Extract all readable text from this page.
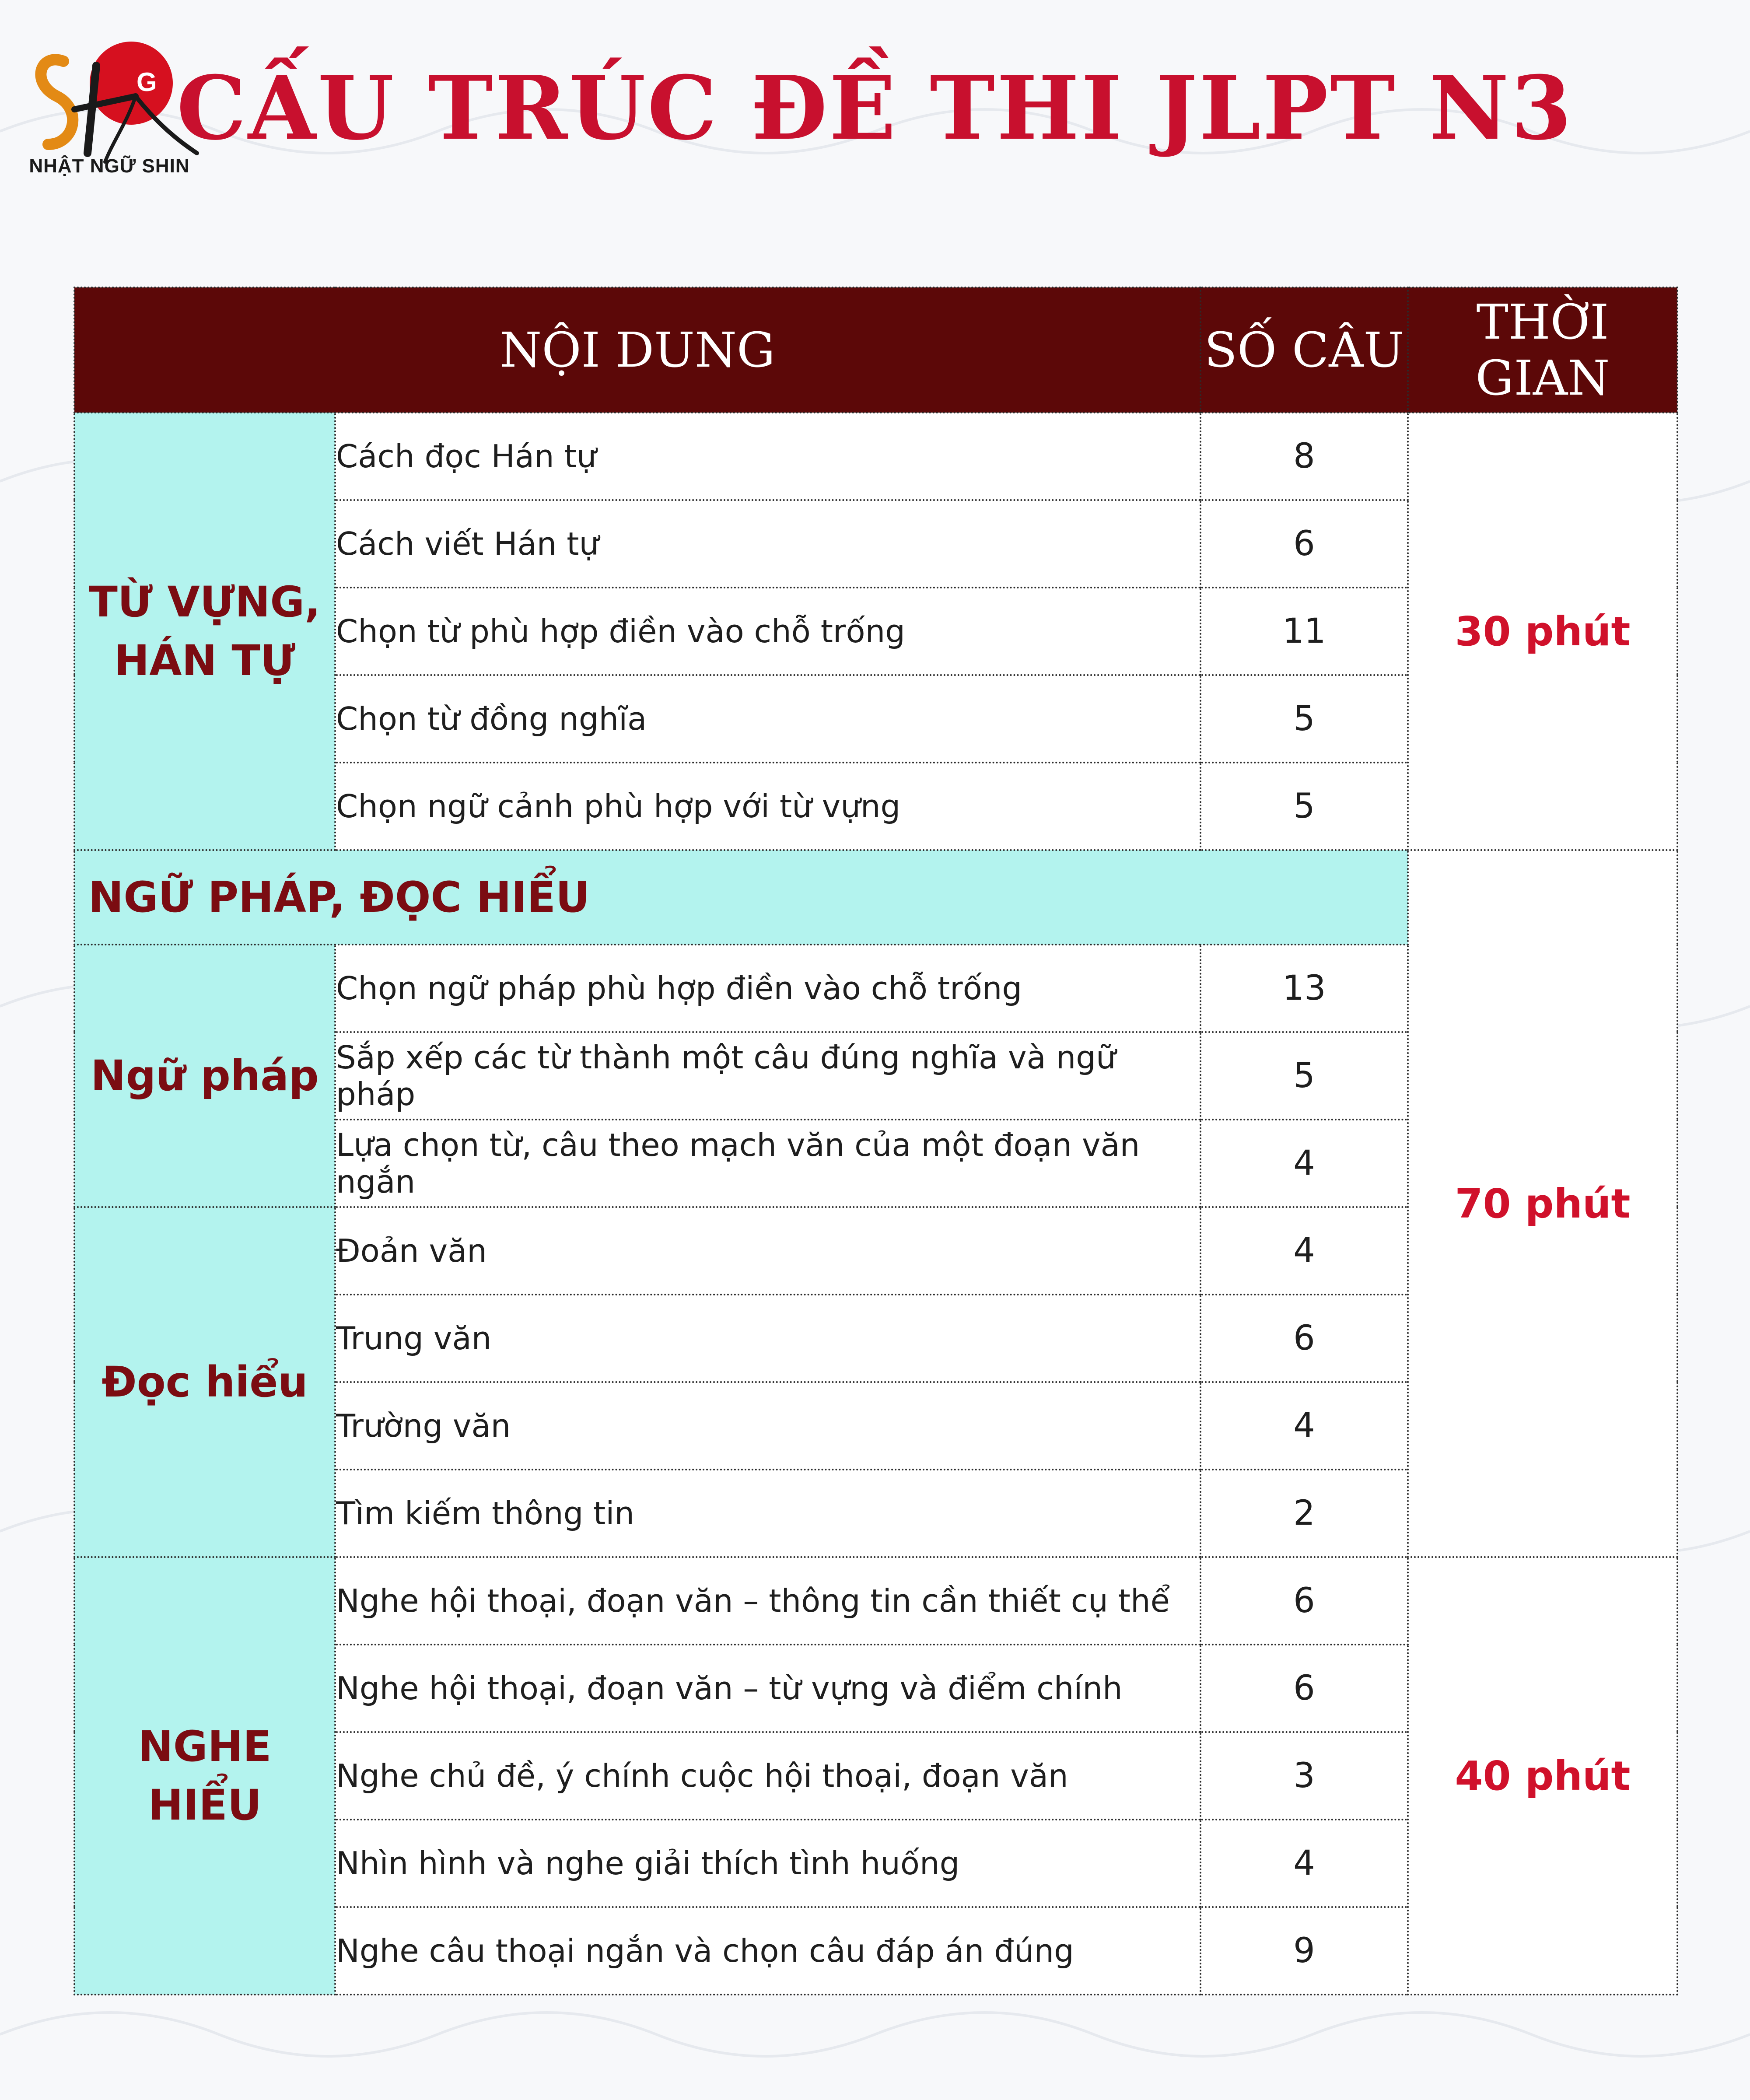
G
NHẬT NGỮ SHIN
CẤU TRÚC ĐỀ THI JLPT N3
NỘI DUNG		SỐ CÂU	THỜI GIAN
TỪ VỰNG,
HÁN TỰ	Cách đọc Hán tự	8	30 phút
	Cách viết Hán tự	6	
	Chọn từ phù hợp điền vào chỗ trống	11	
	Chọn từ đồng nghĩa	5	
	Chọn ngữ cảnh phù hợp với từ vựng	5	
NGỮ PHÁP, ĐỌC HIỂU			70 phút
Ngữ pháp	Chọn ngữ pháp phù hợp điền vào chỗ trống	13	
	Sắp xếp các từ thành một câu đúng nghĩa và ngữ pháp	5	
	Lựa chọn từ, câu theo mạch văn của một đoạn văn ngắn	4	
Đọc hiểu	Đoản văn	4	
	Trung văn	6	
	Trường văn	4	
	Tìm kiếm thông tin	2	
NGHE HIỂU	Nghe hội thoại, đoạn văn – thông tin cần thiết cụ thể	6	40 phút
	Nghe hội thoại, đoạn văn – từ vựng và điểm chính	6	
	Nghe chủ đề, ý chính cuộc hội thoại, đoạn văn	3	
	Nhìn hình và nghe giải thích tình huống	4	
	Nghe câu thoại ngắn và chọn câu đáp án đúng	9	
